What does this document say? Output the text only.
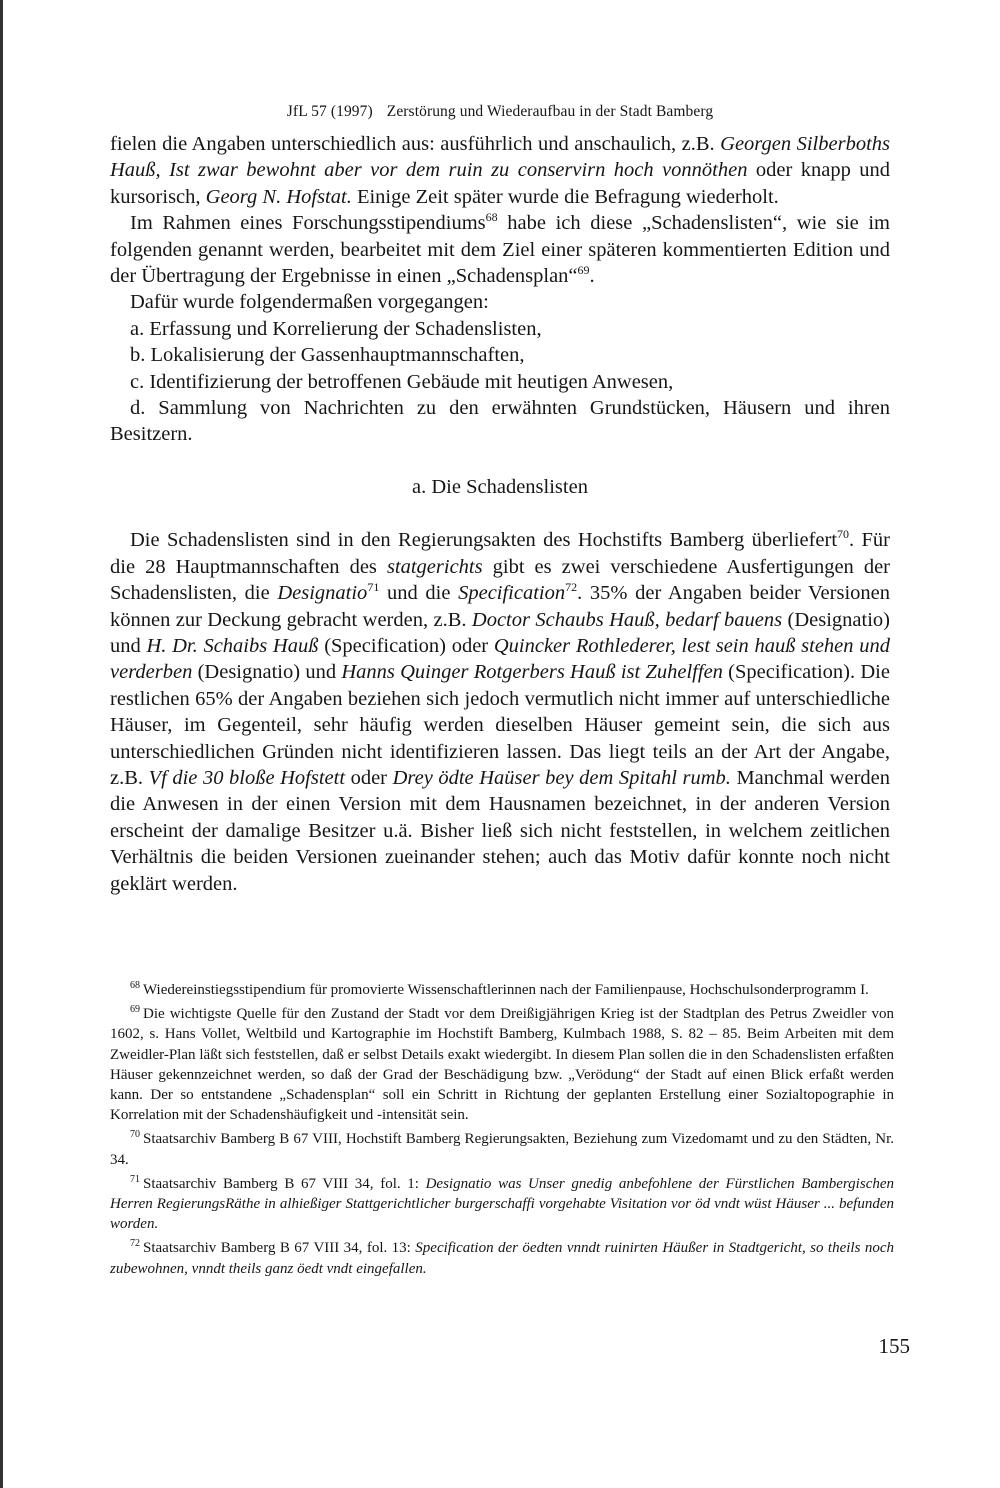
JfL 57 (1997) Zerstörung und Wiederaufbau in der Stadt Bamberg

fielen die Angaben unterschiedlich aus: ausführlich und anschaulich, z.B. Georgen Silberboths Hauß, Ist zwar bewohnt aber vor dem ruin zu conservirn hoch vonnöthen oder knapp und kursorisch, Georg N. Hofstat. Einige Zeit später wurde die Befragung wiederholt.

Im Rahmen eines Forschungsstipendiums$^{68}$ habe ich diese „Schadenslisten“, wie sie im folgenden genannt werden, bearbeitet mit dem Ziel einer späteren kommentierten Edition und der Übertragung der Ergebnisse in einen „Schadensplan“$^{69}$.

Dafür wurde folgendermaßen vorgegangen:

a. Erfassung und Korrelierung der Schadenslisten,

b. Lokalisierung der Gassenhauptmannschaften,

c. Identifizierung der betroffenen Gebäude mit heutigen Anwesen,

d. Sammlung von Nachrichten zu den erwähnten Grundstücken, Häusern und ihren Besitzern.

a. Die Schadenslisten

Die Schadenslisten sind in den Regierungsakten des Hochstifts Bamberg überliefert$^{70}$. Für die 28 Hauptmannschaften des statgerichts gibt es zwei verschiedene Ausfertigungen der Schadenslisten, die Designatio$^{71}$ und die Specification$^{72}$. 35% der Angaben beider Versionen können zur Deckung gebracht werden, z.B. Doctor Schaubs Hauß, bedarf bauens (Designatio) und H. Dr. Schaibs Hauß (Specification) oder Quincker Rothlederer, lest sein hauß stehen und verderben (Designatio) und Hanns Quinger Rotgerbers Hauß ist Zuhelffen (Specification). Die restlichen 65% der Angaben beziehen sich jedoch vermutlich nicht immer auf unterschiedliche Häuser, im Gegenteil, sehr häufig werden dieselben Häuser gemeint sein, die sich aus unterschiedlichen Gründen nicht identifizieren lassen. Das liegt teils an der Art der Angabe, z.B. Vf die 30 bloße Hofstett oder Drey ödte Haüser bey dem Spitahl rumb. Manchmal werden die Anwesen in der einen Version mit dem Hausnamen bezeichnet, in der anderen Version erscheint der damalige Besitzer u.ä. Bisher ließ sich nicht feststellen, in welchem zeitlichen Verhältnis die beiden Versionen zueinander stehen; auch das Motiv dafür konnte noch nicht geklärt werden.

$^{68}$ Wiedereinstiegsstipendium für promovierte Wissenschaftlerinnen nach der Familienpause, Hochschulsonderprogramm I.

$^{69}$ Die wichtigste Quelle für den Zustand der Stadt vor dem Dreißigjährigen Krieg ist der Stadtplan des Petrus Zweidler von 1602, s. Hans Vollet, Weltbild und Kartographie im Hochstift Bamberg, Kulmbach 1988, S. 82 – 85. Beim Arbeiten mit dem Zweidler-Plan läßt sich feststellen, daß er selbst Details exakt wiedergibt. In diesem Plan sollen die in den Schadenslisten erfaßten Häuser gekennzeichnet werden, so daß der Grad der Beschädigung bzw. „Verödung“ der Stadt auf einen Blick erfaßt werden kann. Der so entstandene „Schadensplan“ soll ein Schritt in Richtung der geplanten Erstellung einer Sozialtopographie in Korrelation mit der Schadenshäufigkeit und -intensität sein.

$^{70}$ Staatsarchiv Bamberg B 67 VIII, Hochstift Bamberg Regierungsakten, Beziehung zum Vizedomamt und zu den Städten, Nr. 34.

$^{71}$ Staatsarchiv Bamberg B 67 VIII 34, fol. 1: Designatio was Unser gnedig anbefohlene der Fürstlichen Bambergischen Herren RegierungsRäthe in alhießiger Stattgerichtlicher burgerschaffi vorgehabte Visitation vor öd vndt wüst Häuser ... befunden worden.

$^{72}$ Staatsarchiv Bamberg B 67 VIII 34, fol. 13: Specification der öedten vnndt ruinirten Häußer in Stadtgericht, so theils noch zubewohnen, vnndt theils ganz öedt vndt eingefallen.

155
